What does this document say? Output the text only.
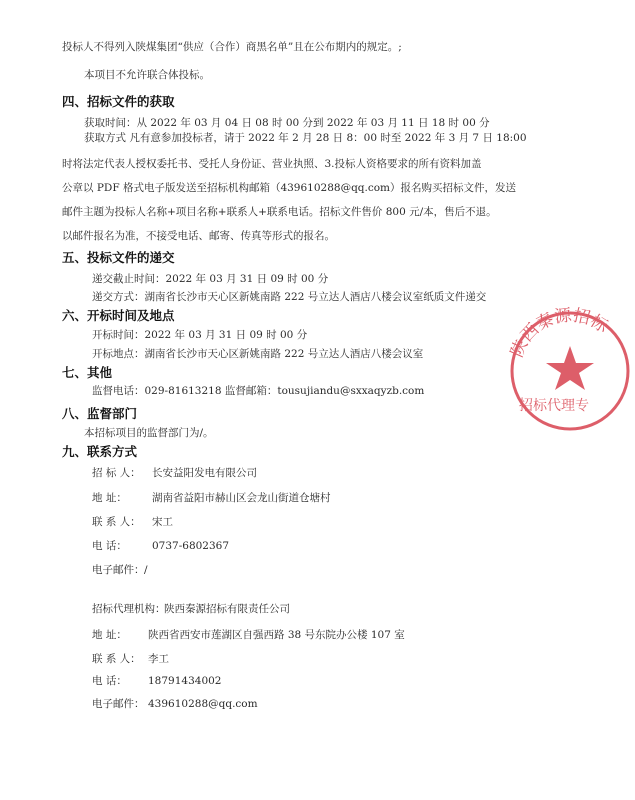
投标人不得列入陕煤集团“供应（合作）商黑名单”且在公布期内的规定。;
本项目不允许联合体投标。
四、招标文件的获取
获取时间：从 2022 年 03 月 04 日 08 时 00 分到 2022 年 03 月 11 日 18 时 00 分
获取方式 凡有意参加投标者，请于 2022 年 2 月 28 日 8：00 时至 2022 年 3 月 7 日 18:00
时将法定代表人授权委托书、受托人身份证、营业执照、3.投标人资格要求的所有资料加盖
公章以 PDF 格式电子版发送至招标机构邮箱（439610288@qq.com）报名购买招标文件，发送
邮件主题为投标人名称+项目名称+联系人+联系电话。招标文件售价 800 元/本，售后不退。
以邮件报名为准，不接受电话、邮寄、传真等形式的报名。
五、投标文件的递交
递交截止时间：2022 年 03 月 31 日 09 时 00 分
递交方式：湖南省长沙市天心区新姚南路 222 号立达人酒店八楼会议室纸质文件递交
六、开标时间及地点
开标时间：2022 年 03 月 31 日 09 时 00 分
开标地点：湖南省长沙市天心区新姚南路 222 号立达人酒店八楼会议室
七、其他
监督电话：029-81613218 监督邮箱：tousujiandu@sxxaqyzb.com
八、监督部门
本招标项目的监督部门为/。
九、联系方式
招 标 人： 长安益阳发电有限公司
地 址： 湖南省益阳市赫山区会龙山街道仓塘村
联 系 人： 宋工
电 话： 0737-6802367
电子邮件： /
招标代理机构：
陕西秦源招标有限责任公司
地 址： 陕西省西安市莲湖区自强西路 38 号东院办公楼 107 室
联 系 人： 李工
电 话： 18791434002
电子邮件： 439610288@qq.com
陕西秦源招标
招标代理专
